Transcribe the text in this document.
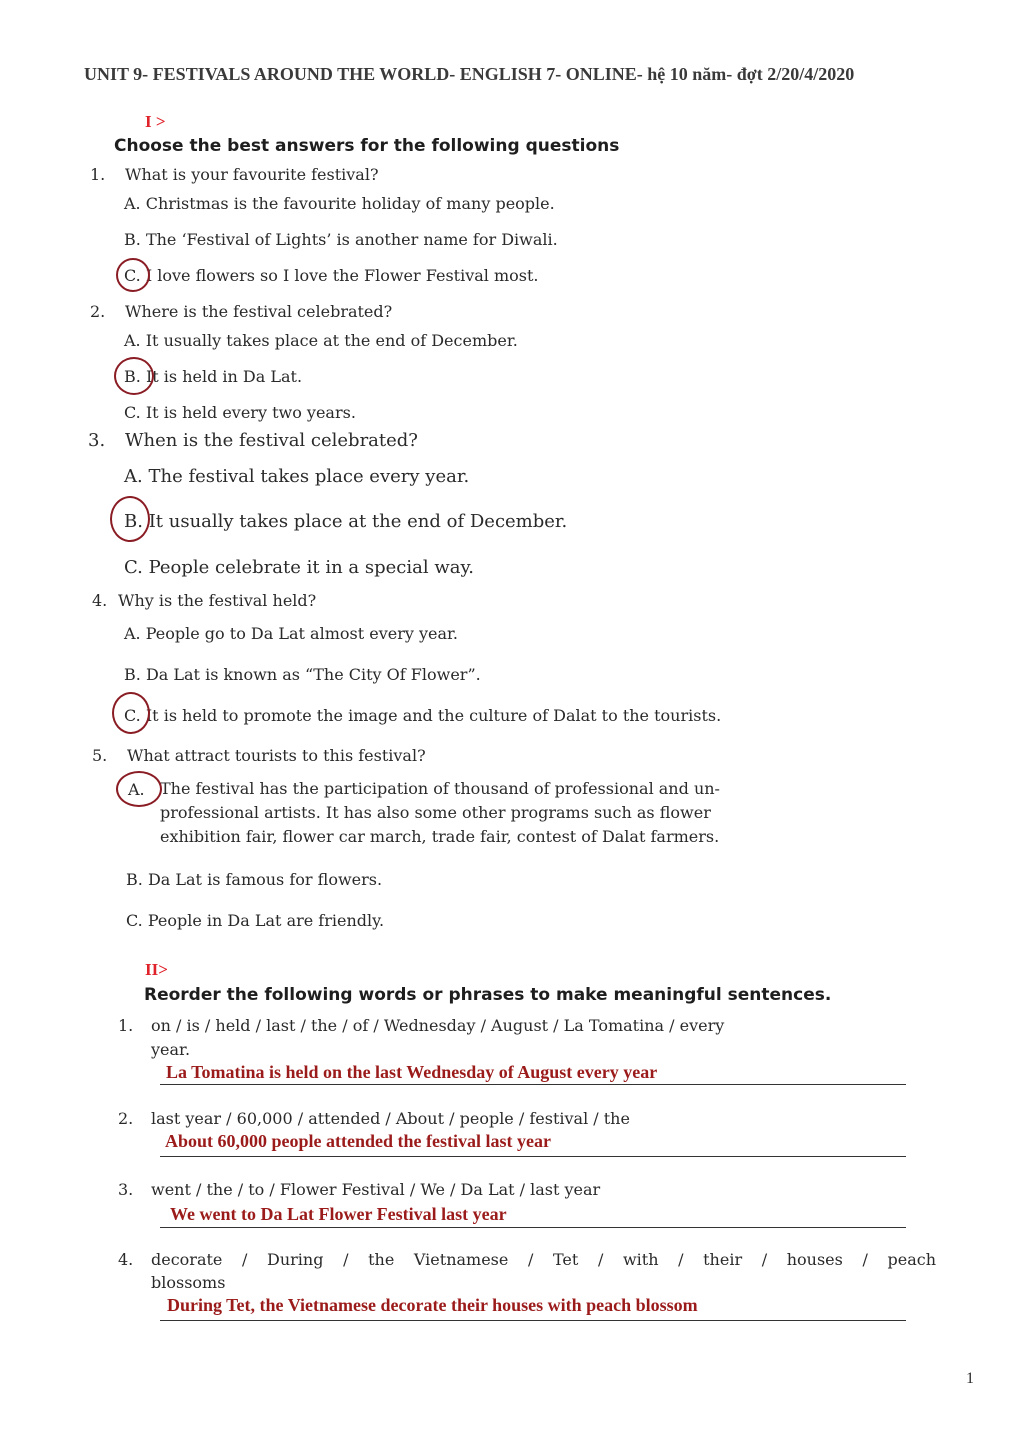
UNIT 9- FESTIVALS AROUND THE WORLD- ENGLISH 7- ONLINE- hệ 10 năm- đợt 2/20/4/2020
I >
Choose the best answers for the following questions
1. What is your favourite festival?
A. Christmas is the favourite holiday of many people.
B. The ‘Festival of Lights’ is another name for Diwali.
C. I love flowers so I love the Flower Festival most.
2. Where is the festival celebrated?
A. It usually takes place at the end of December.
B. It is held in Da Lat.
C. It is held every two years.
3. When is the festival celebrated?
A. The festival takes place every year.
B. It usually takes place at the end of December.
C. People celebrate it in a special way.
4. Why is the festival held?
A. People go to Da Lat almost every year.
B. Da Lat is known as “The City Of Flower”.
C. It is held to promote the image and the culture of Dalat to the tourists.
5. What attract tourists to this festival?
A. The festival has the participation of thousand of professional and un-
professional artists. It has also some other programs such as flower
exhibition fair, flower car march, trade fair, contest of Dalat farmers.
B. Da Lat is famous for flowers.
C. People in Da Lat are friendly.
II>
Reorder the following words or phrases to make meaningful sentences.
1. on / is / held / last / the / of / Wednesday / August / La Tomatina / every
year.
La Tomatina is held on the last Wednesday of August every year
2. last year / 60,000 / attended / About / people / festival / the
About 60,000 people attended the festival last year
3. went / the / to / Flower Festival / We / Da Lat / last year
We went to Da Lat Flower Festival last year
4. decorate / During / the Vietnamese / Tet / with / their / houses / peach
blossoms
During Tet, the Vietnamese decorate their houses with peach blossom
1
